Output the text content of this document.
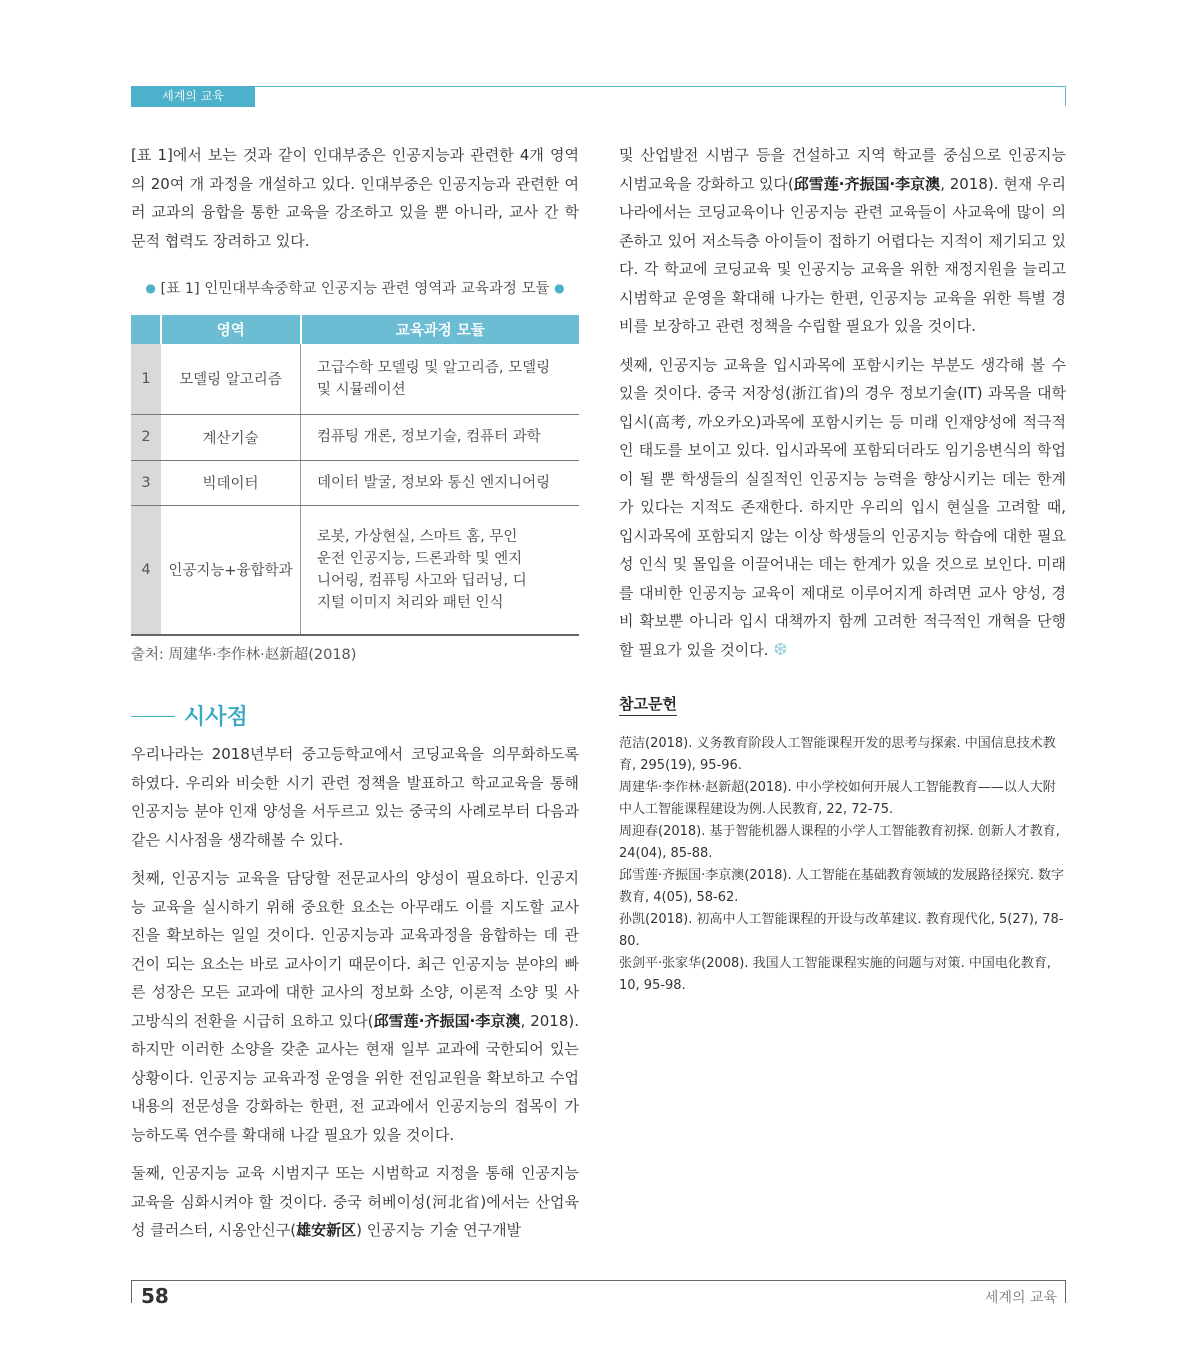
세계의 교육

[표 1]에서 보는 것과 같이 인대부중은 인공지능과 관련한 4개 영역의 20여 개 과정을 개설하고 있다. 인대부중은 인공지능과 관련한 여러 교과의 융합을 통한 교육을 강조하고 있을 뿐 아니라, 교사 간 학문적 협력도 장려하고 있다.

● [표 1] 인민대부속중학교 인공지능 관련 영역과 교육과정 모듈 ●
	영역	교육과정 모듈
1	모델링 알고리즘	고급수학 모델링 및 알고리즘, 모델링 및 시뮬레이션
2	계산기술	컴퓨팅 개론, 정보기술, 컴퓨터 과학
3	빅데이터	데이터 발굴, 정보와 통신 엔지니어링
4	인공지능+융합학과	로봇, 가상현실, 스마트 홈, 무인 운전 인공지능, 드론과학 및 엔지니어링, 컴퓨팅 사고와 딥러닝, 디지털 이미지 처리와 패턴 인식
출처: 周建华·李作林·赵新超(2018)
시사점

우리나라는 2018년부터 중고등학교에서 코딩교육을 의무화하도록 하였다. 우리와 비슷한 시기 관련 정책을 발표하고 학교교육을 통해 인공지능 분야 인재 양성을 서두르고 있는 중국의 사례로부터 다음과 같은 시사점을 생각해볼 수 있다.

첫째, 인공지능 교육을 담당할 전문교사의 양성이 필요하다. 인공지능 교육을 실시하기 위해 중요한 요소는 아무래도 이를 지도할 교사진을 확보하는 일일 것이다. 인공지능과 교육과정을 융합하는 데 관건이 되는 요소는 바로 교사이기 때문이다. 최근 인공지능 분야의 빠른 성장은 모든 교과에 대한 교사의 정보화 소양, 이론적 소양 및 사고방식의 전환을 시급히 요하고 있다(邱雪莲·齐振国·李京澳, 2018). 하지만 이러한 소양을 갖춘 교사는 현재 일부 교과에 국한되어 있는 상황이다. 인공지능 교육과정 운영을 위한 전임교원을 확보하고 수업 내용의 전문성을 강화하는 한편, 전 교과에서 인공지능의 접목이 가능하도록 연수를 확대해 나갈 필요가 있을 것이다.

둘째, 인공지능 교육 시범지구 또는 시범학교 지정을 통해 인공지능 교육을 심화시켜야 할 것이다. 중국 허베이성(河北省)에서는 산업육성 클러스터, 시옹안신구(雄安新区) 인공지능 기술 연구개발

및 산업발전 시범구 등을 건설하고 지역 학교를 중심으로 인공지능 시범교육을 강화하고 있다(邱雪莲·齐振国·李京澳, 2018). 현재 우리나라에서는 코딩교육이나 인공지능 관련 교육들이 사교육에 많이 의존하고 있어 저소득층 아이들이 접하기 어렵다는 지적이 제기되고 있다. 각 학교에 코딩교육 및 인공지능 교육을 위한 재정지원을 늘리고 시범학교 운영을 확대해 나가는 한편, 인공지능 교육을 위한 특별 경비를 보장하고 관련 정책을 수립할 필요가 있을 것이다.

셋째, 인공지능 교육을 입시과목에 포함시키는 부분도 생각해 볼 수 있을 것이다. 중국 저장성(浙江省)의 경우 정보기술(IT) 과목을 대학입시(高考, 까오카오)과목에 포함시키는 등 미래 인재양성에 적극적인 태도를 보이고 있다. 입시과목에 포함되더라도 임기응변식의 학업이 될 뿐 학생들의 실질적인 인공지능 능력을 향상시키는 데는 한계가 있다는 지적도 존재한다. 하지만 우리의 입시 현실을 고려할 때, 입시과목에 포함되지 않는 이상 학생들의 인공지능 학습에 대한 필요성 인식 및 몰입을 이끌어내는 데는 한계가 있을 것으로 보인다. 미래를 대비한 인공지능 교육이 제대로 이루어지게 하려면 교사 양성, 경비 확보뿐 아니라 입시 대책까지 함께 고려한 적극적인 개혁을 단행할 필요가 있을 것이다. ❆

참고문헌
范洁(2018). 义务教育阶段人工智能课程开发的思考与探索. 中国信息技术教育, 295(19), 95-96.
周建华·李作林·赵新超(2018). 中小学校如何开展人工智能教育——以人大附中人工智能课程建设为例.人民教育, 22, 72-75.
周迎春(2018). 基于智能机器人课程的小学人工智能教育初探. 创新人才教育, 24(04), 85-88.
邱雪莲·齐振国·李京澳(2018). 人工智能在基础教育领域的发展路径探究. 数字教育, 4(05), 58-62.
孙凯(2018). 初高中人工智能课程的开设与改革建议. 教育现代化, 5(27), 78-80.
张剑平·张家华(2008). 我国人工智能课程实施的问题与对策. 中国电化教育, 10, 95-98.
58	세계의 교육
